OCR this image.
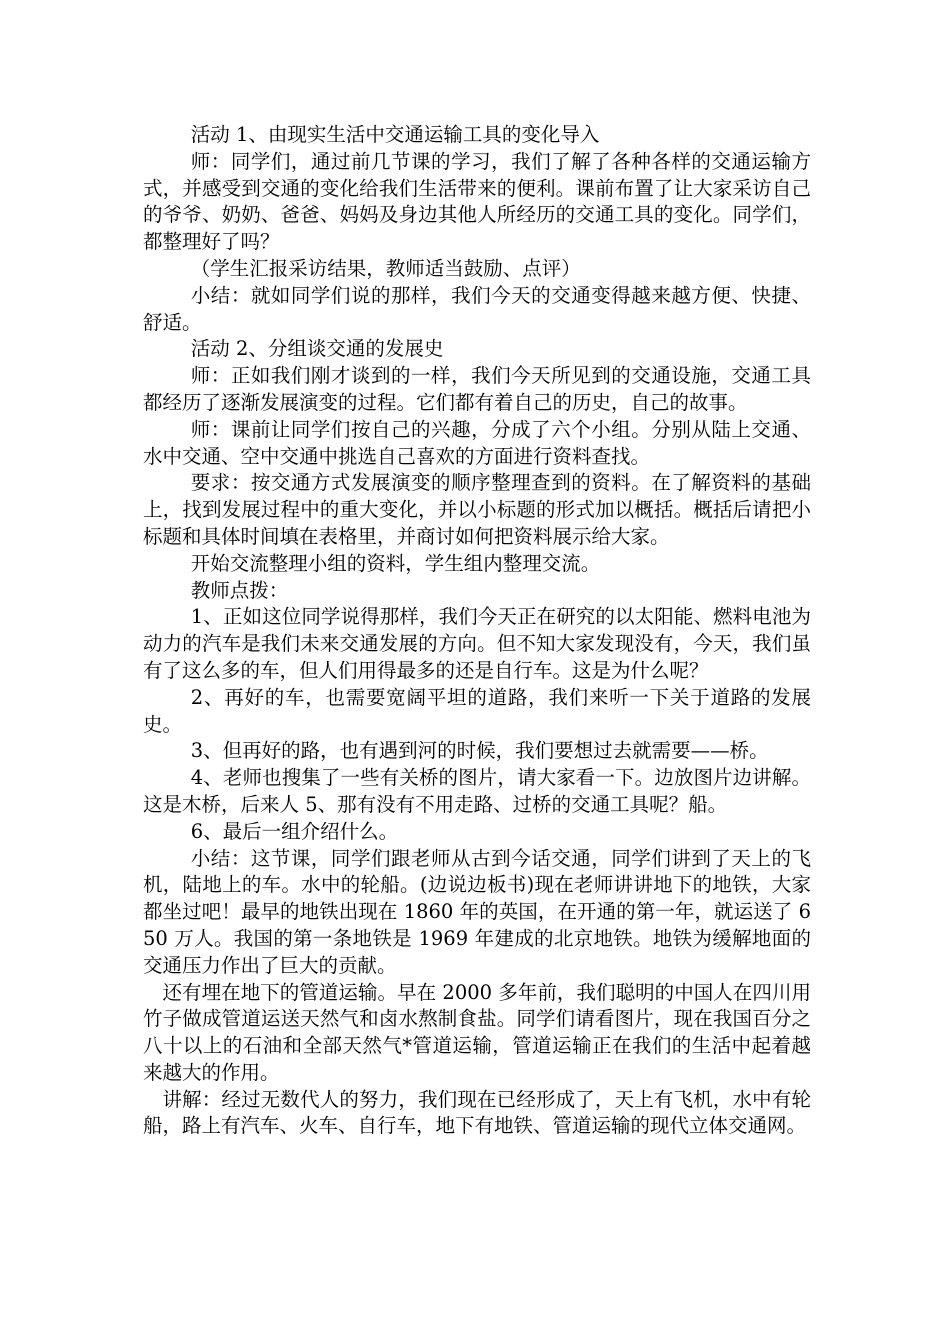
活动 1、由现实生活中交通运输工具的变化导入

师：同学们，通过前几节课的学习，我们了解了各种各样的交通运输方式，并感受到交通的变化给我们生活带来的便利。课前布置了让大家采访自己的爷爷、奶奶、爸爸、妈妈及身边其他人所经历的交通工具的变化。同学们，都整理好了吗？

（学生汇报采访结果，教师适当鼓励、点评）

小结：就如同学们说的那样，我们今天的交通变得越来越方便、快捷、舒适。

活动 2、分组谈交通的发展史

师：正如我们刚才谈到的一样，我们今天所见到的交通设施，交通工具都经历了逐渐发展演变的过程。它们都有着自己的历史，自己的故事。

师：课前让同学们按自己的兴趣，分成了六个小组。分别从陆上交通、水中交通、空中交通中挑选自己喜欢的方面进行资料查找。

要求：按交通方式发展演变的顺序整理查到的资料。在了解资料的基础上，找到发展过程中的重大变化，并以小标题的形式加以概括。概括后请把小标题和具体时间填在表格里，并商讨如何把资料展示给大家。

开始交流整理小组的资料，学生组内整理交流。

教师点拨：

1、正如这位同学说得那样，我们今天正在研究的以太阳能、燃料电池为动力的汽车是我们未来交通发展的方向。但不知大家发现没有，今天，我们虽有了这么多的车，但人们用得最多的还是自行车。这是为什么呢？

2、再好的车，也需要宽阔平坦的道路，我们来听一下关于道路的发展史。

3、但再好的路，也有遇到河的时候，我们要想过去就需要——桥。

4、老师也搜集了一些有关桥的图片，请大家看一下。边放图片边讲解。这是木桥，后来人 5、那有没有不用走路、过桥的交通工具呢？船。

6、最后一组介绍什么。

小结：这节课，同学们跟老师从古到今话交通，同学们讲到了天上的飞机，陆地上的车。水中的轮船。(边说边板书)现在老师讲讲地下的地铁，大家都坐过吧！最早的地铁出现在 1860 年的英国，在开通的第一年，就运送了 650 万人。我国的第一条地铁是 1969 年建成的北京地铁。地铁为缓解地面的交通压力作出了巨大的贡献。

还有埋在地下的管道运输。早在 2000 多年前，我们聪明的中国人在四川用竹子做成管道运送天然气和卤水熬制食盐。同学们请看图片，现在我国百分之八十以上的石油和全部天然气*管道运输，管道运输正在我们的生活中起着越来越大的作用。

讲解：经过无数代人的努力，我们现在已经形成了，天上有飞机，水中有轮船，路上有汽车、火车、自行车，地下有地铁、管道运输的现代立体交通网。
